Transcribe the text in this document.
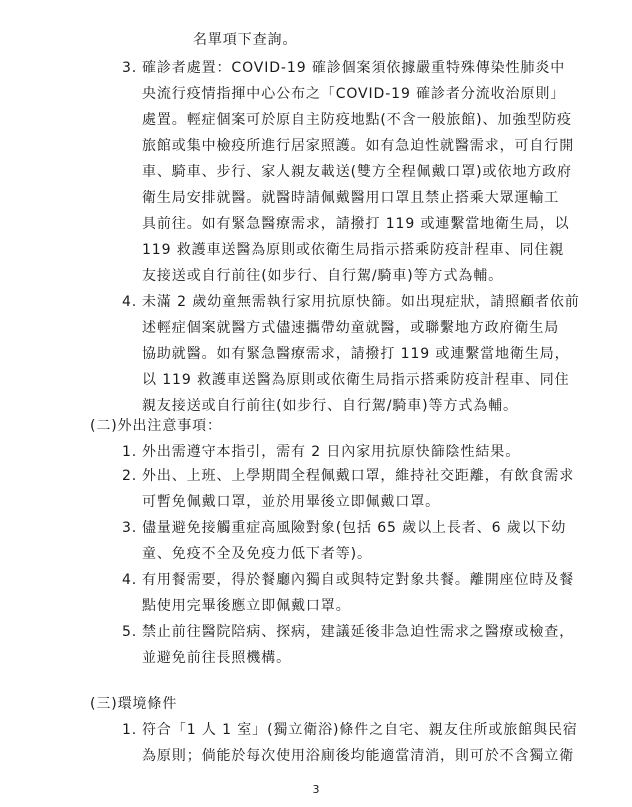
名單項下查詢。
3. 確診者處置：COVID-19 確診個案須依據嚴重特殊傳染性肺炎中
央流行疫情指揮中心公布之「COVID-19 確診者分流收治原則」
處置。輕症個案可於原自主防疫地點(不含一般旅館)、加強型防疫
旅館或集中檢疫所進行居家照護。如有急迫性就醫需求，可自行開
車、騎車、步行、家人親友載送(雙方全程佩戴口罩)或依地方政府
衛生局安排就醫。就醫時請佩戴醫用口罩且禁止搭乘大眾運輸工
具前往。如有緊急醫療需求，請撥打 119 或連繫當地衛生局，以
119 救護車送醫為原則或依衛生局指示搭乘防疫計程車、同住親
友接送或自行前往(如步行、自行駕/騎車)等方式為輔。
4. 未滿 2 歲幼童無需執行家用抗原快篩。如出現症狀，請照顧者依前
述輕症個案就醫方式儘速攜帶幼童就醫，或聯繫地方政府衛生局
協助就醫。如有緊急醫療需求，請撥打 119 或連繫當地衛生局，
以 119 救護車送醫為原則或依衛生局指示搭乘防疫計程車、同住
親友接送或自行前往(如步行、自行駕/騎車)等方式為輔。
(二)外出注意事項：
1. 外出需遵守本指引，需有 2 日內家用抗原快篩陰性結果。
2. 外出、上班、上學期間全程佩戴口罩，維持社交距離，有飲食需求
可暫免佩戴口罩，並於用畢後立即佩戴口罩。
3. 儘量避免接觸重症高風險對象(包括 65 歲以上長者、6 歲以下幼
童、免疫不全及免疫力低下者等)。
4. 有用餐需要，得於餐廳內獨自或與特定對象共餐。離開座位時及餐
點使用完畢後應立即佩戴口罩。
5. 禁止前往醫院陪病、探病，建議延後非急迫性需求之醫療或檢查，
並避免前往長照機構。
(三)環境條件
1. 符合「1 人 1 室」(獨立衛浴)條件之自宅、親友住所或旅館與民宿
為原則；倘能於每次使用浴廁後均能適當清消，則可於不含獨立衛
3
